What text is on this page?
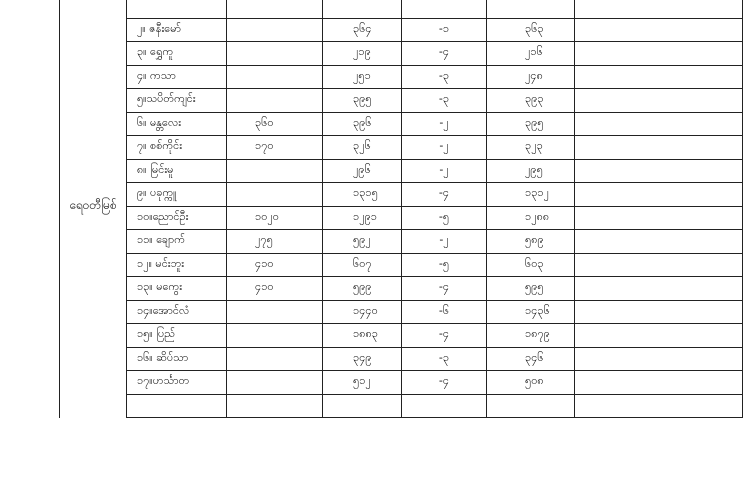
ရေဝတီမြစ်							
	၂။ ဇနီးမော်		၃၆၄	-၁	၃၆၃		
	၃။ ရွှေကူ		၂၁၉	-၄	၂၁၆		
	၄။ ကသာ		၂၅၁	-၃	၂၄၈		
	၅။သပိတ်ကျင်း		၃၉၅	-၃	၃၉၃		
	၆။ မန္တလေး	၃၆၀	၃၉၆	-၂	၃၉၅		
	၇။ စစ်ကိုင်း	၁၇၀	၃၂၆	-၂	၃၂၃		
	၈။ မြင်းမူ		၂၉၆	-၂	၂၉၅		
	၉။ ပခုက္ကူ		၁၃၁၅	-၄	၁၃၁၂		
	၁၀။ညောင်ဦး	၁၀၂၀	၁၂၉၁	-၅	၁၂၈၈		
	၁၁။ ချောက်	၂၇၅	၅၉၂	-၂	၅၈၉		
	၁၂။ မင်းဘူး	၄၁၀	၆၀၇	-၅	၆၀၃		
	၁၃။ မကွေး	၄၁၀	၅၉၉	-၄	၅၉၅		
	၁၄။အောင်လံ		၁၄၄၀	-၆	၁၄၃၆		
	၁၅။ ပြည်		၁၈၈၃	-၄	၁၈၇၉		
	၁၆။ ဆိပ်သာ		၃၄၉	-၃	၃၄၆		
	၁၇။ဟင်္သာတ		၅၁၂	-၄	၅၀၈		
